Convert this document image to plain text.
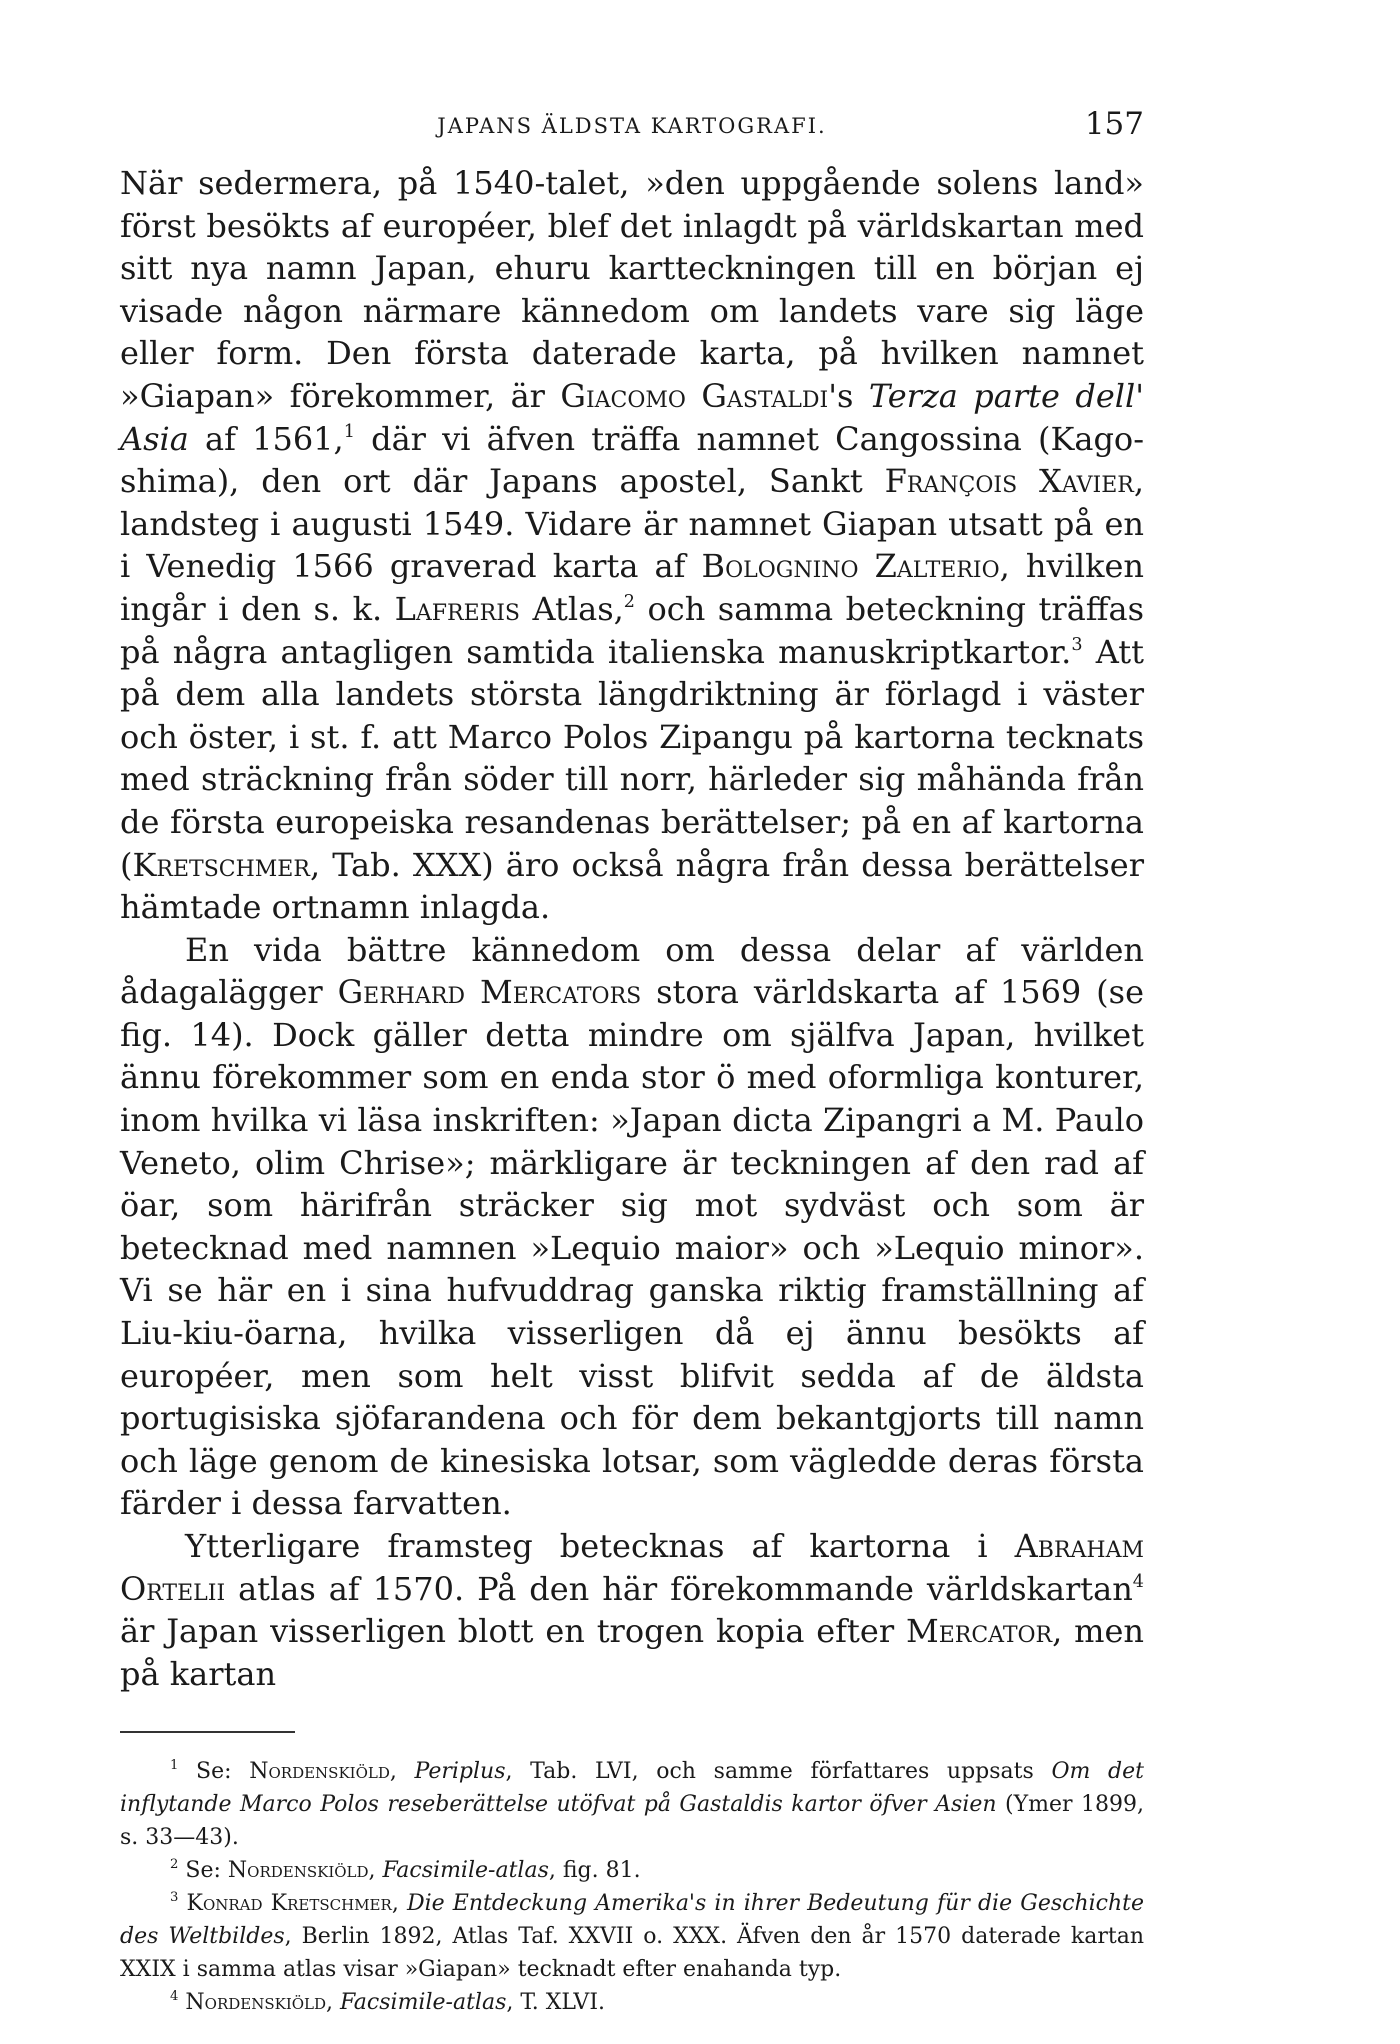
JAPANS ÄLDSTA KARTOGRAFI.	157

När sedermera, på 1540-talet, »den uppgående solens land» först besökts af européer, blef det inlagdt på världskartan med sitt nya namn Japan, ehuru kartteckningen till en början ej visade någon närmare kännedom om landets vare sig läge eller form. Den första daterade karta, på hvilken namnet »Giapan» förekommer, är Giacomo Gastaldi's Terza parte dell' Asia af 1561,$^1$ där vi äfven träffa namnet Cangossina (Kago-shima), den ort där Japans apostel, Sankt François Xavier, landsteg i augusti 1549. Vidare är namnet Giapan utsatt på en i Venedig 1566 graverad karta af Bolognino Zalterio, hvilken ingår i den s. k. Lafreris Atlas,$^2$ och samma beteckning träffas på några antagligen samtida italienska manuskriptkartor.$^3$ Att på dem alla landets största längdriktning är förlagd i väster och öster, i st. f. att Marco Polos Zipangu på kartorna tecknats med sträckning från söder till norr, härleder sig måhända från de första europeiska resandenas berättelser; på en af kartorna (Kretschmer, Tab. XXX) äro också några från dessa berättelser hämtade ortnamn inlagda.

En vida bättre kännedom om dessa delar af världen ådagalägger Gerhard Mercators stora världskarta af 1569 (se fig. 14). Dock gäller detta mindre om själfva Japan, hvilket ännu förekommer som en enda stor ö med oformliga konturer, inom hvilka vi läsa inskriften: »Japan dicta Zipangri a M. Paulo Veneto, olim Chrise»; märkligare är teckningen af den rad af öar, som härifrån sträcker sig mot sydväst och som är betecknad med namnen »Lequio maior» och »Lequio minor». Vi se här en i sina hufvuddrag ganska riktig framställning af Liu-kiu-öarna, hvilka visserligen då ej ännu besökts af européer, men som helt visst blifvit sedda af de äldsta portugisiska sjöfarandena och för dem bekantgjorts till namn och läge genom de kinesiska lotsar, som vägledde deras första färder i dessa farvatten.

Ytterligare framsteg betecknas af kartorna i Abraham Ortelii atlas af 1570. På den här förekommande världskartan$^4$ är Japan visserligen blott en trogen kopia efter Mercator, men på kartan

$^1$ Se: Nordenskiöld, Periplus, Tab. LVI, och samme författares uppsats Om det inflytande Marco Polos reseberättelse utöfvat på Gastaldis kartor öfver Asien (Ymer 1899, s. 33—43).

$^2$ Se: Nordenskiöld, Facsimile-atlas, fig. 81.

$^3$ Konrad Kretschmer, Die Entdeckung Amerika's in ihrer Bedeutung für die Geschichte des Weltbildes, Berlin 1892, Atlas Taf. XXVII o. XXX. Äfven den år 1570 daterade kartan XXIX i samma atlas visar »Giapan» tecknadt efter enahanda typ.

$^4$ Nordenskiöld, Facsimile-atlas, T. XLVI.
